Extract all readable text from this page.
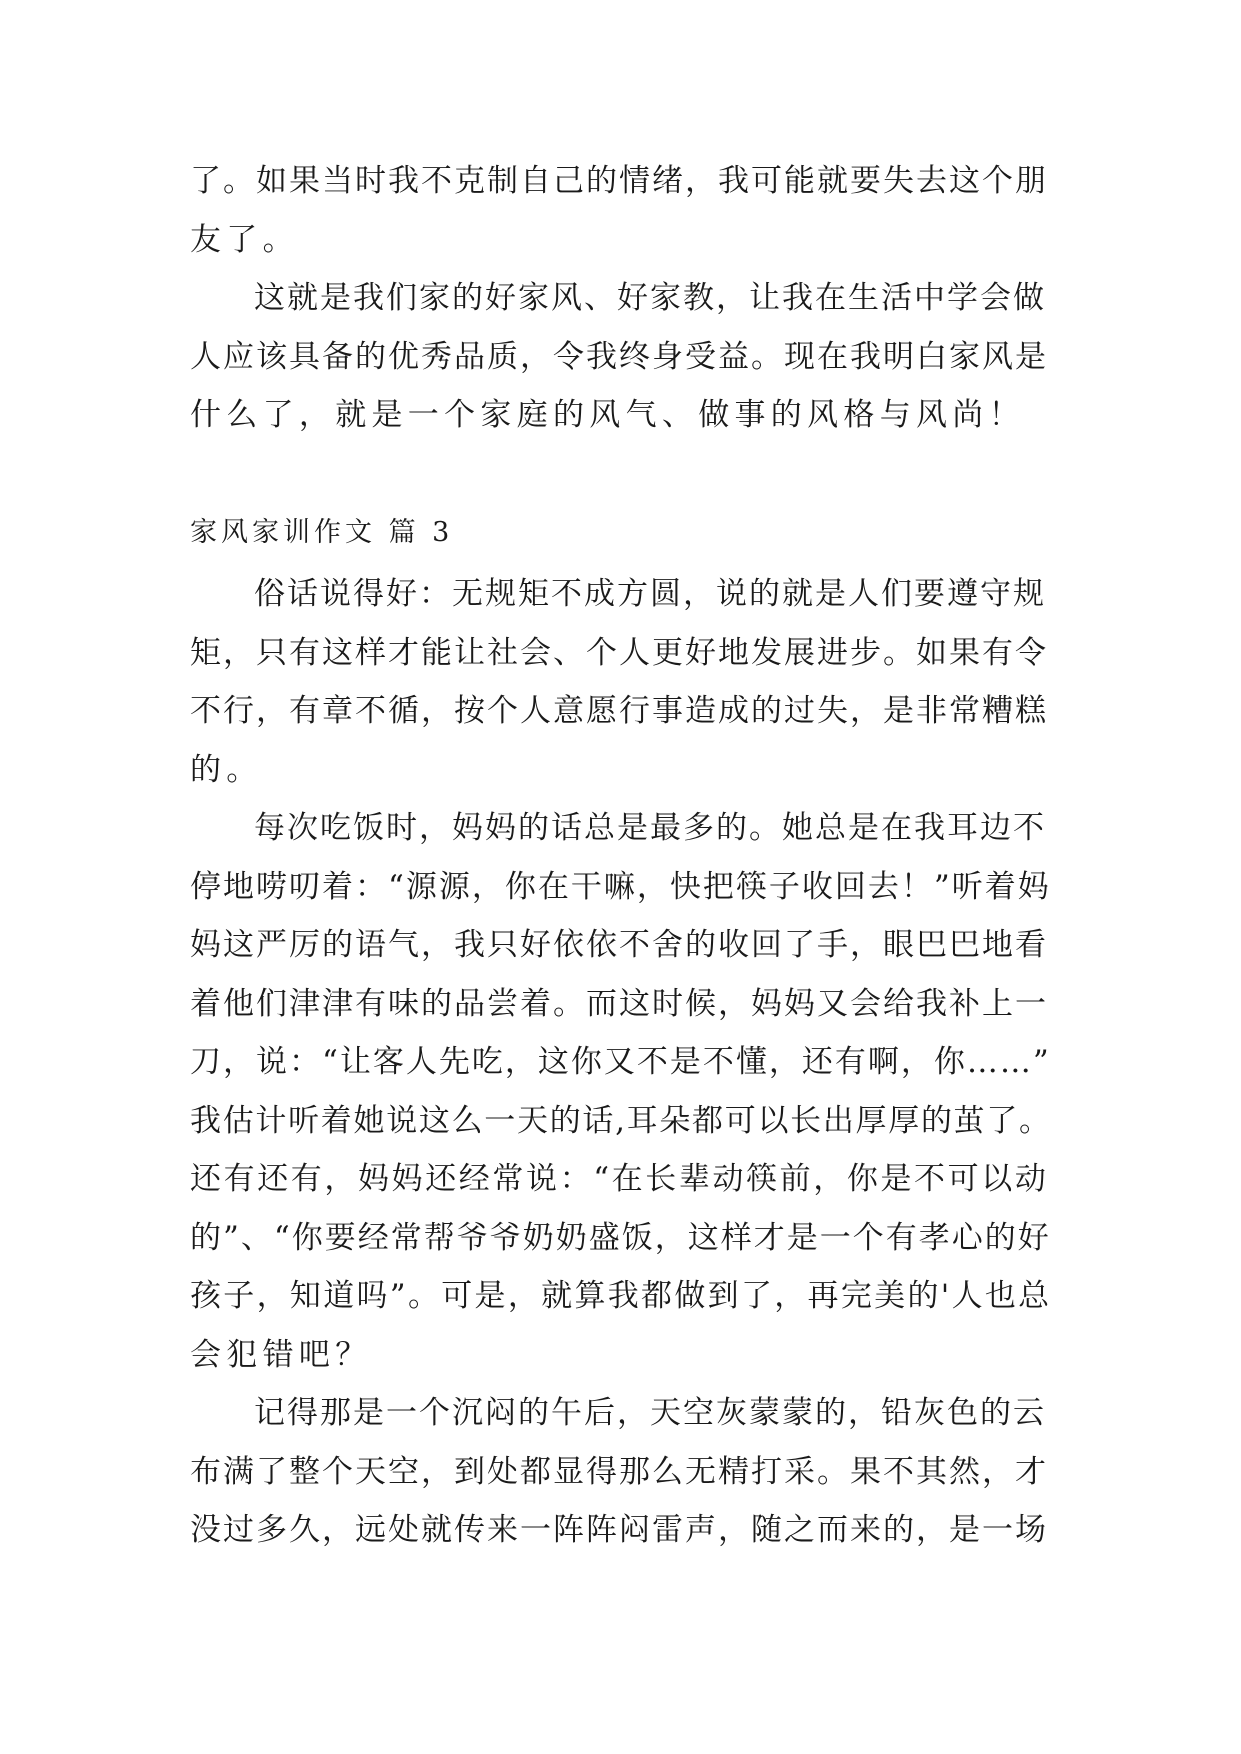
了。如果当时我不克制自己的情绪，我可能就要失去这个朋
友了。
这就是我们家的好家风、好家教，让我在生活中学会做
人应该具备的优秀品质，令我终身受益。现在我明白家风是
什么了，就是一个家庭的风气、做事的风格与风尚！
家风家训作文 篇 3
俗话说得好：无规矩不成方圆，说的就是人们要遵守规
矩，只有这样才能让社会、个人更好地发展进步。如果有令
不行，有章不循，按个人意愿行事造成的过失，是非常糟糕
的。
每次吃饭时，妈妈的话总是最多的。她总是在我耳边不
停地唠叨着：“源源，你在干嘛，快把筷子收回去！”听着妈
妈这严厉的语气，我只好依依不舍的收回了手，眼巴巴地看
着他们津津有味的品尝着。而这时候，妈妈又会给我补上一
刀，说：“让客人先吃，这你又不是不懂，还有啊，你……”
我估计听着她说这么一天的话,耳朵都可以长出厚厚的茧了。
还有还有，妈妈还经常说：“在长辈动筷前，你是不可以动
的”、“你要经常帮爷爷奶奶盛饭，这样才是一个有孝心的好
孩子，知道吗”。可是，就算我都做到了，再完美的'人也总
会犯错吧？
记得那是一个沉闷的午后，天空灰蒙蒙的，铅灰色的云
布满了整个天空，到处都显得那么无精打采。果不其然，才
没过多久，远处就传来一阵阵闷雷声，随之而来的，是一场
